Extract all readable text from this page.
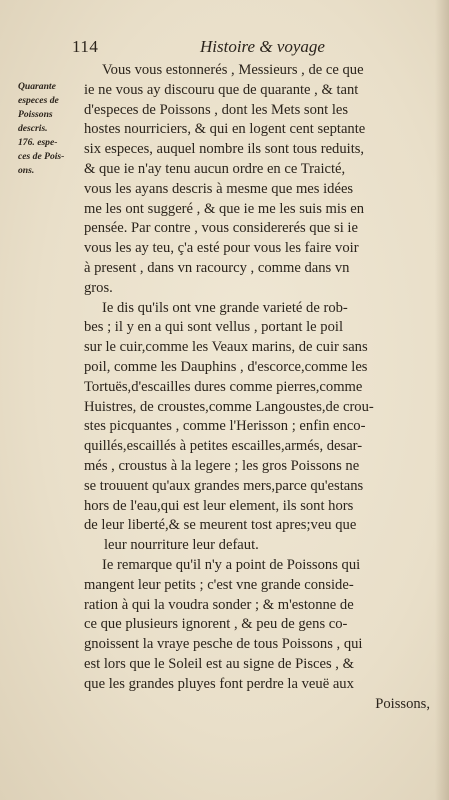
114	Histoire & voyage
Quarante
especes de
Poissons
descris.
176. espe-
ces de Pois-
ons.
Vous vous estonnerés , Messieurs , de ce que
ie ne vous ay discouru que de quarante , & tant
d'especes de Poissons , dont les Mets sont les
hostes nourriciers, & qui en logent cent septante
six especes, auquel nombre ils sont tous reduits,
& que ie n'ay tenu aucun ordre en ce Traicté,
vous les ayans descris à mesme que mes idées
me les ont suggeré , & que ie me les suis mis en
pensée. Par contre , vous considererés que si ie
vous les ay teu, ç'a esté pour vous les faire voir
à present , dans vn racourcy , comme dans vn
gros.
Ie dis qu'ils ont vne grande varieté de rob-
bes ; il y en a qui sont vellus , portant le poil
sur le cuir,comme les Veaux marins, de cuir sans
poil, comme les Dauphins , d'escorce,comme les
Tortuës,d'escailles dures comme pierres,comme
Huistres, de croustes,comme Langoustes,de crou-
stes picquantes , comme l'Herisson ; enfin enco-
quillés,escaillés à petites escailles,armés, desar-
més , croustus à la legere ; les gros Poissons ne
se trouuent qu'aux grandes mers,parce qu'estans
hors de l'eau,qui est leur element, ils sont hors
de leur liberté,& se meurent tost apres;veu que
leur nourriture leur defaut.
Ie remarque qu'il n'y a point de Poissons qui
mangent leur petits ; c'est vne grande conside-
ration à qui la voudra sonder ; & m'estonne de
ce que plusieurs ignorent , & peu de gens co-
gnoissent la vraye pesche de tous Poissons , qui
est lors que le Soleil est au signe de Pisces , &
que les grandes pluyes font perdre la veuë aux
Poissons,
